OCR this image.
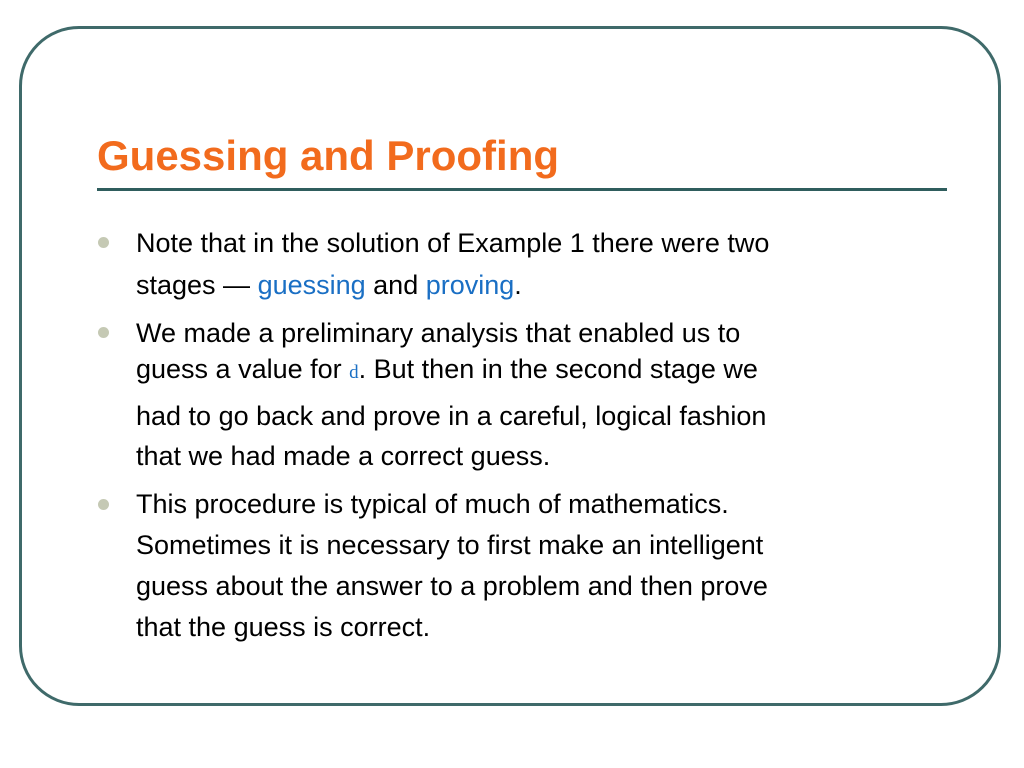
Guessing and Proofing

Note that in the solution of Example 1 there were two
stages — guessing and proving.

We made a preliminary analysis that enabled us to
guess a value for d. But then in the second stage we
had to go back and prove in a careful, logical fashion
that we had made a correct guess.

This procedure is typical of much of mathematics.
Sometimes it is necessary to first make an intelligent
guess about the answer to a problem and then prove
that the guess is correct.
